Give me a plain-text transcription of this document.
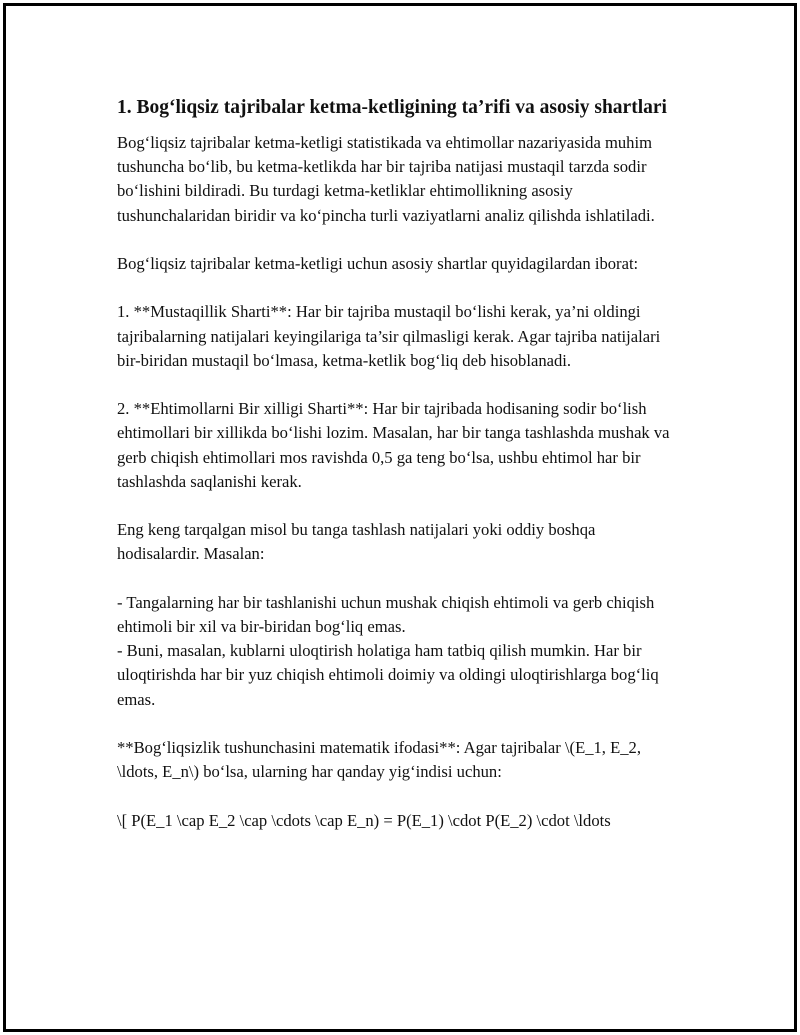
1. Bog‘liqsiz tajribalar ketma-ketligining ta’rifi va asosiy shartlari

Bog‘liqsiz tajribalar ketma-ketligi statistikada va ehtimollar nazariyasida muhim tushuncha bo‘lib, bu ketma-ketlikda har bir tajriba natijasi mustaqil tarzda sodir bo‘lishini bildiradi. Bu turdagi ketma-ketliklar ehtimollikning asosiy tushunchalaridan biridir va ko‘pincha turli vaziyatlarni analiz qilishda ishlatiladi.

Bog‘liqsiz tajribalar ketma-ketligi uchun asosiy shartlar quyidagilardan iborat:

1. **Mustaqillik Sharti**: Har bir tajriba mustaqil bo‘lishi kerak, ya’ni oldingi tajribalarning natijalari keyingilariga ta’sir qilmasligi kerak. Agar tajriba natijalari bir-biridan mustaqil bo‘lmasa, ketma-ketlik bog‘liq deb hisoblanadi.

2. **Ehtimollarni Bir xilligi Sharti**: Har bir tajribada hodisaning sodir bo‘lish ehtimollari bir xillikda bo‘lishi lozim. Masalan, har bir tanga tashlashda mushak va gerb chiqish ehtimollari mos ravishda 0,5 ga teng bo‘lsa, ushbu ehtimol har bir tashlashda saqlanishi kerak.

Eng keng tarqalgan misol bu tanga tashlash natijalari yoki oddiy boshqa hodisalardir. Masalan:

- Tangalarning har bir tashlanishi uchun mushak chiqish ehtimoli va gerb chiqish ehtimoli bir xil va bir-biridan bog‘liq emas.
- Buni, masalan, kublarni uloqtirish holatiga ham tatbiq qilish mumkin. Har bir uloqtirishda har bir yuz chiqish ehtimoli doimiy va oldingi uloqtirishlarga bog‘liq emas.

**Bog‘liqsizlik tushunchasini matematik ifodasi**: Agar tajribalar \(E_1, E_2, \ldots, E_n\) bo‘lsa, ularning har qanday yig‘indisi uchun:

\[ P(E_1 \cap E_2 \cap \cdots \cap E_n) = P(E_1) \cdot P(E_2) \cdot \ldots
